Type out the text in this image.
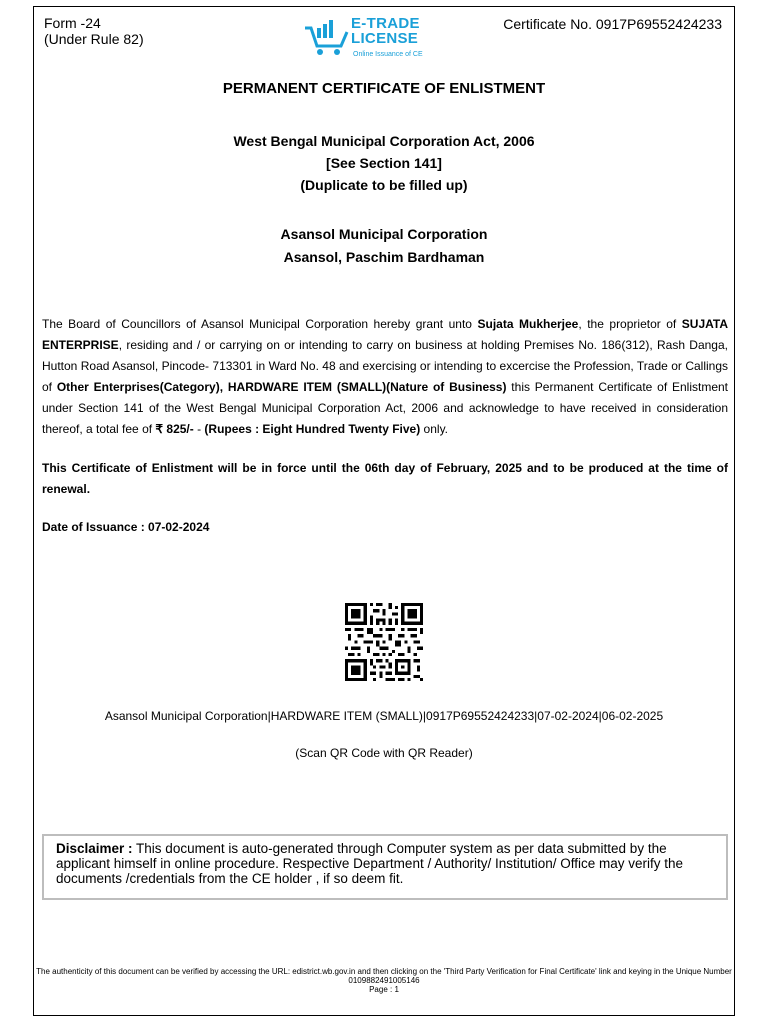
Form -24
(Under Rule 82)
E-TRADE
LICENSE
Online Issuance of CE
Certificate No. 0917P69552424233
PERMANENT CERTIFICATE OF ENLISTMENT
West Bengal Municipal Corporation Act, 2006
[See Section 141]
(Duplicate to be filled up)
Asansol Municipal Corporation
Asansol, Paschim Bardhaman
The Board of Councillors of Asansol Municipal Corporation hereby grant unto Sujata Mukherjee, the proprietor of SUJATA ENTERPRISE, residing and / or carrying on or intending to carry on business at holding Premises No. 186(312), Rash Danga, Hutton Road Asansol, Pincode- 713301 in Ward No. 48 and exercising or intending to excercise the Profession, Trade or Callings of Other Enterprises(Category), HARDWARE ITEM (SMALL)(Nature of Business) this Permanent Certificate of Enlistment under Section 141 of the West Bengal Municipal Corporation Act, 2006 and acknowledge to have received in consideration thereof, a total fee of ₹ 825/- - (Rupees : Eight Hundred Twenty Five) only.
This Certificate of Enlistment will be in force until the 06th day of February, 2025 and to be produced at the time of renewal.
Date of Issuance : 07-02-2024
Asansol Municipal Corporation|HARDWARE ITEM (SMALL)|0917P69552424233|07-02-2024|06-02-2025
(Scan QR Code with QR Reader)
Disclaimer : This document is auto-generated through Computer system as per data submitted by the applicant himself in online procedure. Respective Department / Authority/ Institution/ Office may verify the documents /credentials from the CE holder , if so deem fit.
The authenticity of this document can be verified by accessing the URL: edistrict.wb.gov.in and then clicking on the 'Third Party Verification for Final Certificate' link and keying in the Unique Number 0109882491005146
Page : 1
